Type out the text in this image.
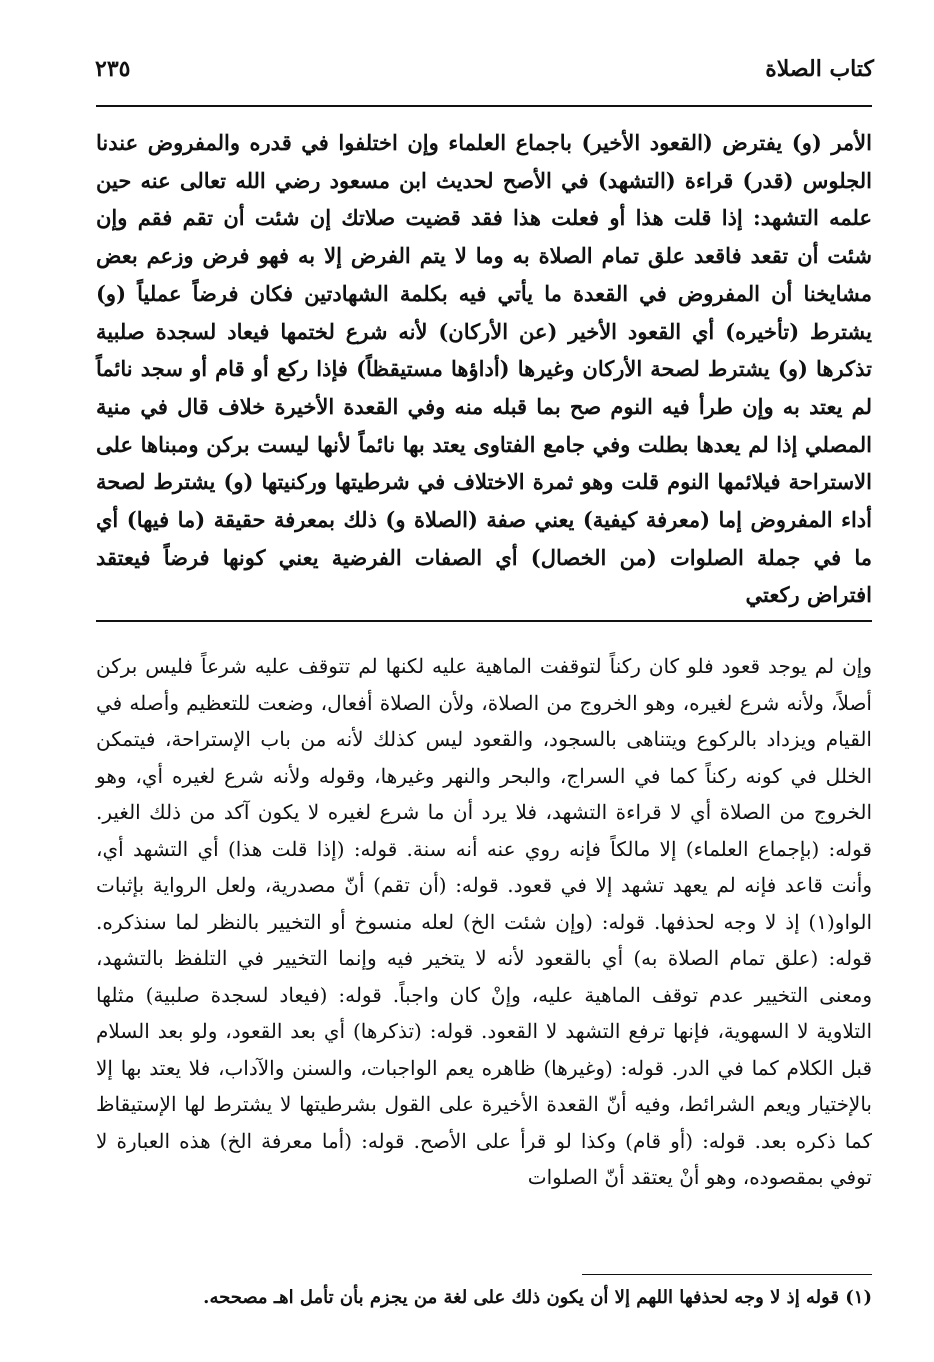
كتاب الصلاة
٢٣٥

الأمر (و) يفترض (القعود الأخير) باجماع العلماء وإن اختلفوا في قدره والمفروض عندنا الجلوس (قدر) قراءة (التشهد) في الأصح لحديث ابن مسعود رضي الله تعالى عنه حين علمه التشهد: إذا قلت هذا أو فعلت هذا فقد قضيت صلاتك إن شئت أن تقم فقم وإن شئت أن تقعد فاقعد علق تمام الصلاة به وما لا يتم الفرض إلا به فهو فرض وزعم بعض مشايخنا أن المفروض في القعدة ما يأتي فيه بكلمة الشهادتين فكان فرضاً عملياً (و) يشترط (تأخيره) أي القعود الأخير (عن الأركان) لأنه شرع لختمها فيعاد لسجدة صلبية تذكرها (و) يشترط لصحة الأركان وغيرها (أداؤها مستيقظاً) فإذا ركع أو قام أو سجد نائماً لم يعتد به وإن طرأ فيه النوم صح بما قبله منه وفي القعدة الأخيرة خلاف قال في منية المصلي إذا لم يعدها بطلت وفي جامع الفتاوى يعتد بها نائماً لأنها ليست بركن ومبناها على الاستراحة فيلائمها النوم قلت وهو ثمرة الاختلاف في شرطيتها وركنيتها (و) يشترط لصحة أداء المفروض إما (معرفة كيفية) يعني صفة (الصلاة و) ذلك بمعرفة حقيقة (ما فيها) أي ما في جملة الصلوات (من الخصال) أي الصفات الفرضية يعني كونها فرضاً فيعتقد افتراض ركعتي

وإن لم يوجد قعود فلو كان ركناً لتوقفت الماهية عليه لكنها لم تتوقف عليه شرعاً فليس بركن أصلاً، ولأنه شرع لغيره، وهو الخروج من الصلاة، ولأن الصلاة أفعال، وضعت للتعظيم وأصله في القيام ويزداد بالركوع ويتناهى بالسجود، والقعود ليس كذلك لأنه من باب الإستراحة، فيتمكن الخلل في كونه ركناً كما في السراج، والبحر والنهر وغيرها، وقوله ولأنه شرع لغيره أي، وهو الخروج من الصلاة أي لا قراءة التشهد، فلا يرد أن ما شرع لغيره لا يكون آكد من ذلك الغير. قوله: (بإجماع العلماء) إلا مالكاً فإنه روي عنه أنه سنة. قوله: (إذا قلت هذا) أي التشهد أي، وأنت قاعد فإنه لم يعهد تشهد إلا في قعود. قوله: (أن تقم) أنّ مصدرية، ولعل الرواية بإثبات الواو(١) إذ لا وجه لحذفها. قوله: (وإن شئت الخ) لعله منسوخ أو التخيير بالنظر لما سنذكره. قوله: (علق تمام الصلاة به) أي بالقعود لأنه لا يتخير فيه وإنما التخيير في التلفظ بالتشهد، ومعنى التخيير عدم توقف الماهية عليه، وإنْ كان واجباً. قوله: (فيعاد لسجدة صلبية) مثلها التلاوية لا السهوية، فإنها ترفع التشهد لا القعود. قوله: (تذكرها) أي بعد القعود، ولو بعد السلام قبل الكلام كما في الدر. قوله: (وغيرها) ظاهره يعم الواجبات، والسنن والآداب، فلا يعتد بها إلا بالإختيار ويعم الشرائط، وفيه أنّ القعدة الأخيرة على القول بشرطيتها لا يشترط لها الإستيقاظ كما ذكره بعد. قوله: (أو قام) وكذا لو قرأ على الأصح. قوله: (أما معرفة الخ) هذه العبارة لا توفي بمقصوده، وهو أنْ يعتقد أنّ الصلوات

(١) قوله إذ لا وجه لحذفها اللهم إلا أن يكون ذلك على لغة من يجزم بأن تأمل اهـ مصححه.
